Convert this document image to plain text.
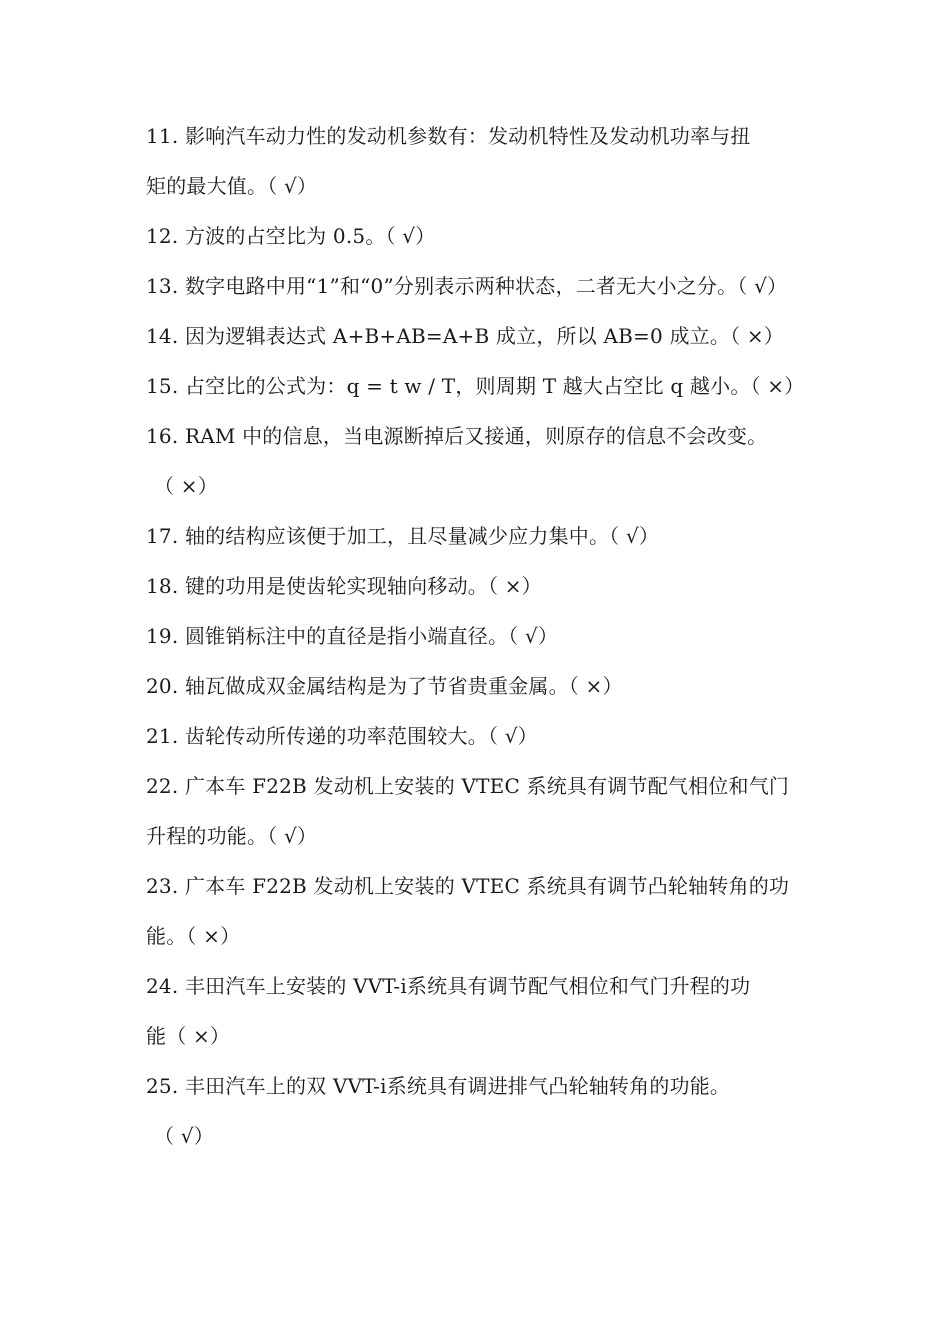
11. 影响汽车动力性的发动机参数有：发动机特性及发动机功率与扭
矩的最大值。（ √）
12. 方波的占空比为 0.5。（ √）
13. 数字电路中用“1”和“0”分别表示两种状态，二者无大小之分。（ √）
14. 因为逻辑表达式 A+B+AB=A+B 成立，所以 AB=0 成立。（ ×）
15. 占空比的公式为：q = t w / T，则周期 T 越大占空比 q 越小。（ ×）
16. RAM 中的信息，当电源断掉后又接通，则原存的信息不会改变。
（ ×）
17. 轴的结构应该便于加工，且尽量减少应力集中。（ √）
18. 键的功用是使齿轮实现轴向移动。（ ×）
19. 圆锥销标注中的直径是指小端直径。（ √）
20. 轴瓦做成双金属结构是为了节省贵重金属。（ ×）
21. 齿轮传动所传递的功率范围较大。（ √）
22. 广本车 F22B 发动机上安装的 VTEC 系统具有调节配气相位和气门
升程的功能。（ √）
23. 广本车 F22B 发动机上安装的 VTEC 系统具有调节凸轮轴转角的功
能。（ ×）
24. 丰田汽车上安装的 VVT-i系统具有调节配气相位和气门升程的功
能（ ×）
25. 丰田汽车上的双 VVT-i系统具有调进排气凸轮轴转角的功能。
（ √）
